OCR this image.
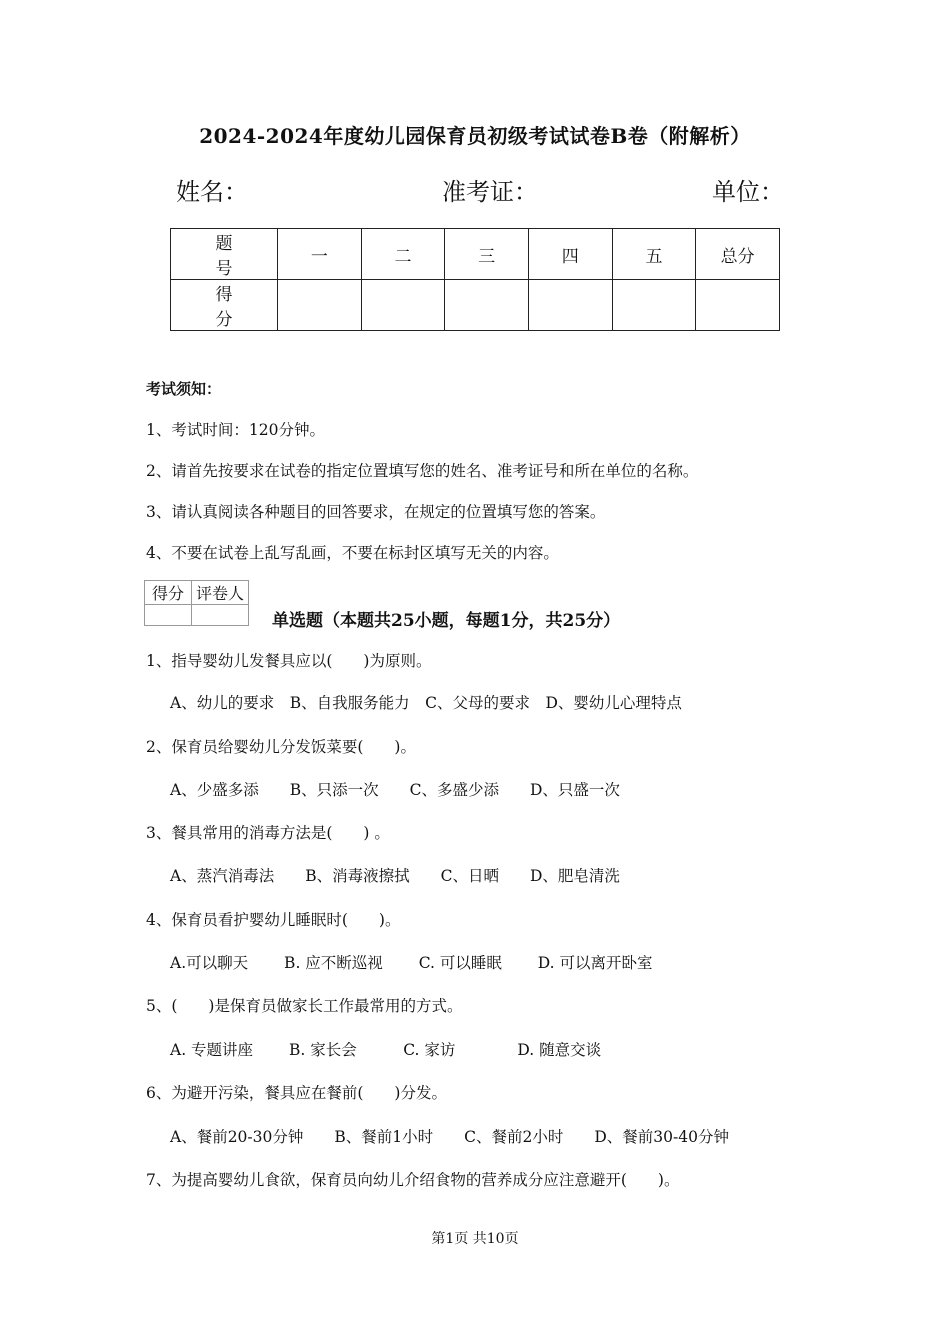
2024-2024年度幼儿园保育员初级考试试卷B卷（附解析）
姓名：	准考证：	单位：
题　号	一	二	三	四	五	总分
得　分						
考试须知：
1、考试时间：120分钟。
2、请首先按要求在试卷的指定位置填写您的姓名、准考证号和所在单位的名称。
3、请认真阅读各种题目的回答要求，在规定的位置填写您的答案。
4、不要在试卷上乱写乱画，不要在标封区填写无关的内容。
得分	评卷人

单选题（本题共25小题，每题1分，共25分）
1、指导婴幼儿发餐具应以(　　)为原则。
A、幼儿的要求　B、自我服务能力　C、父母的要求　D、婴幼儿心理特点
2、保育员给婴幼儿分发饭菜要(　　)。
A、少盛多添　　B、只添一次　　C、多盛少添　　D、只盛一次
3、餐具常用的消毒方法是(　　) 。
A、蒸汽消毒法　　B、消毒液擦拭　　C、日晒　　D、肥皂清洗
4、保育员看护婴幼儿睡眠时(　　)。
A.可以聊天　　 B. 应不断巡视　　 C. 可以睡眠　　 D. 可以离开卧室
5、(　　)是保育员做家长工作最常用的方式。
A. 专题讲座　　 B. 家长会　　　C. 家访　　　　D. 随意交谈
6、为避开污染，餐具应在餐前(　　)分发。
A、餐前20-30分钟　　B、餐前1小时　　C、餐前2小时　　D、餐前30-40分钟
7、为提高婴幼儿食欲，保育员向幼儿介绍食物的营养成分应注意避开(　　)。
第1页 共10页
